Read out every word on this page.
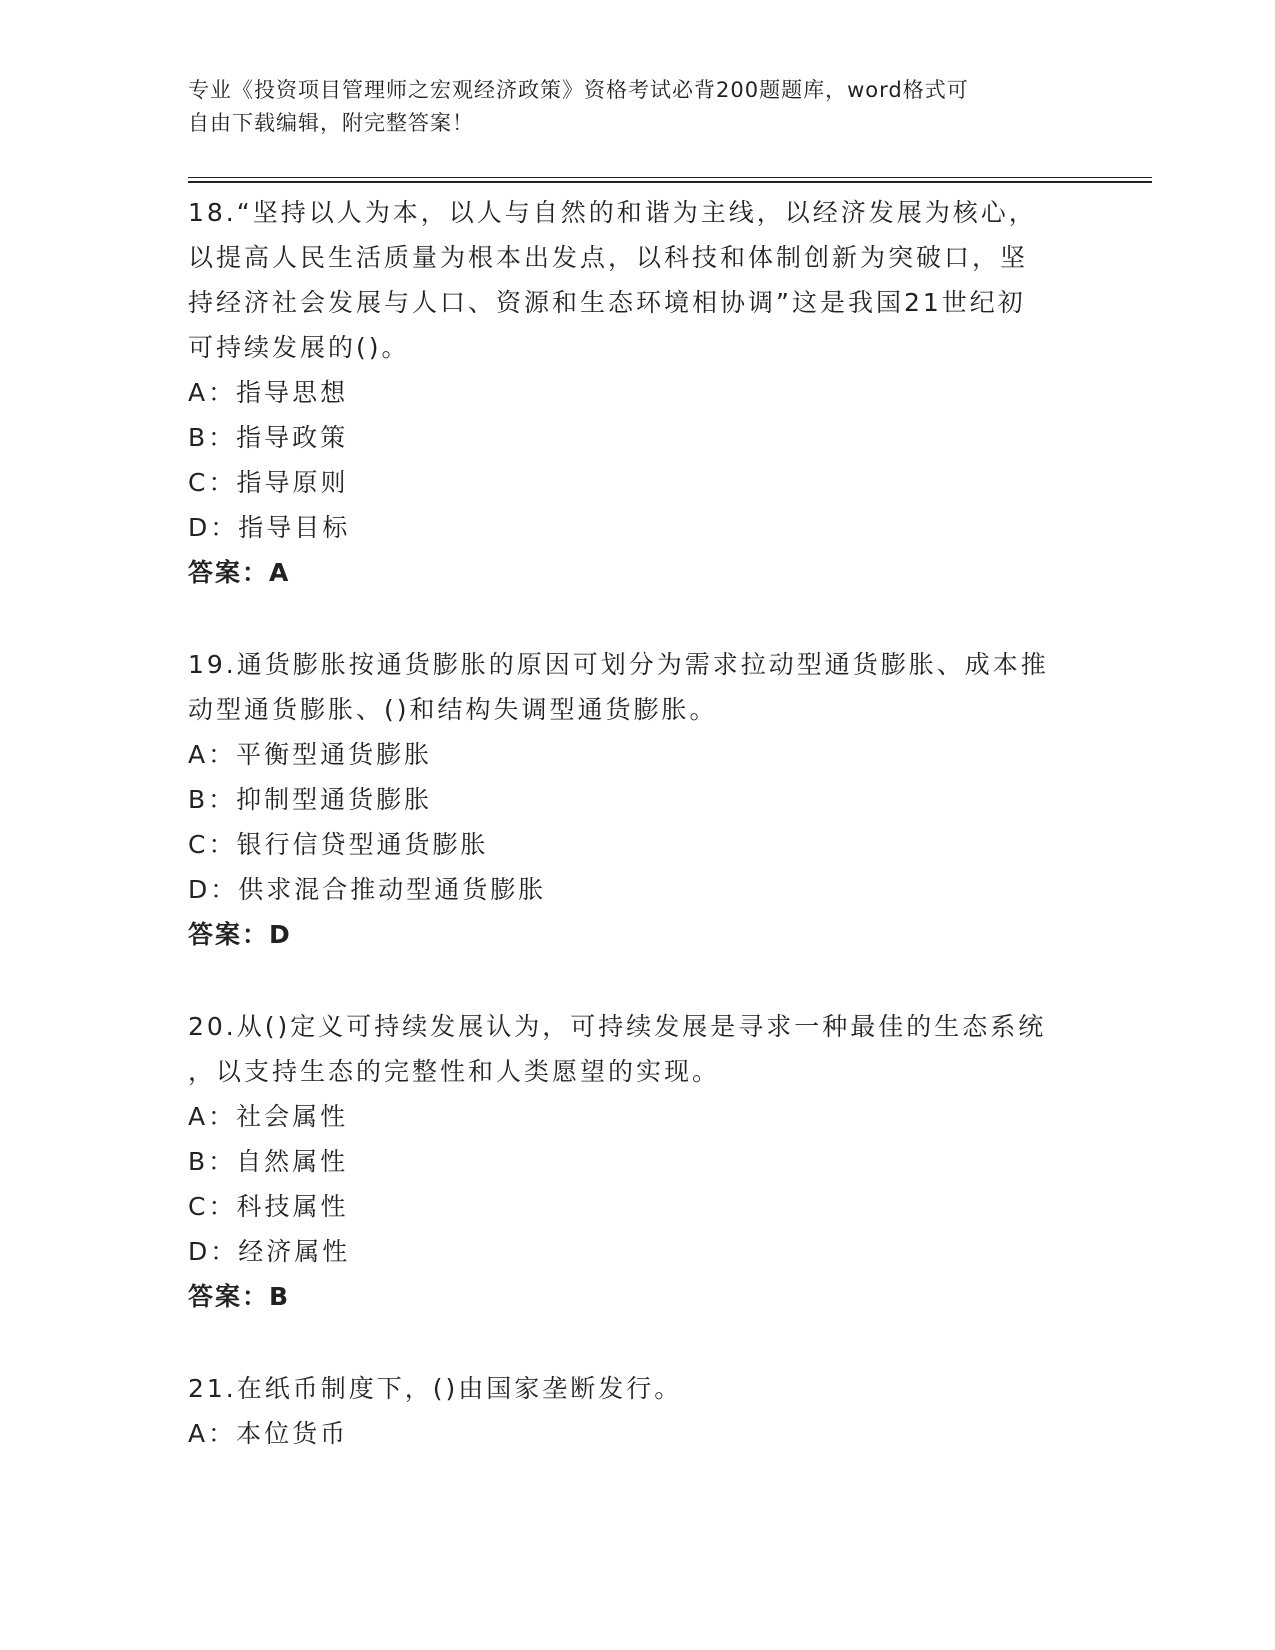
专业《投资项目管理师之宏观经济政策》资格考试必背200题题库，word格式可
自由下载编辑，附完整答案！
18.“坚持以人为本，以人与自然的和谐为主线，以经济发展为核心，
以提高人民生活质量为根本出发点，以科技和体制创新为突破口，坚
持经济社会发展与人口、资源和生态环境相协调”这是我国21世纪初
可持续发展的()。
A：指导思想
B：指导政策
C：指导原则
D：指导目标
答案：A
19.通货膨胀按通货膨胀的原因可划分为需求拉动型通货膨胀、成本推
动型通货膨胀、()和结构失调型通货膨胀。
A：平衡型通货膨胀
B：抑制型通货膨胀
C：银行信贷型通货膨胀
D：供求混合推动型通货膨胀
答案：D
20.从()定义可持续发展认为，可持续发展是寻求一种最佳的生态系统
，以支持生态的完整性和人类愿望的实现。
A：社会属性
B：自然属性
C：科技属性
D：经济属性
答案：B
21.在纸币制度下，()由国家垄断发行。
A：本位货币
